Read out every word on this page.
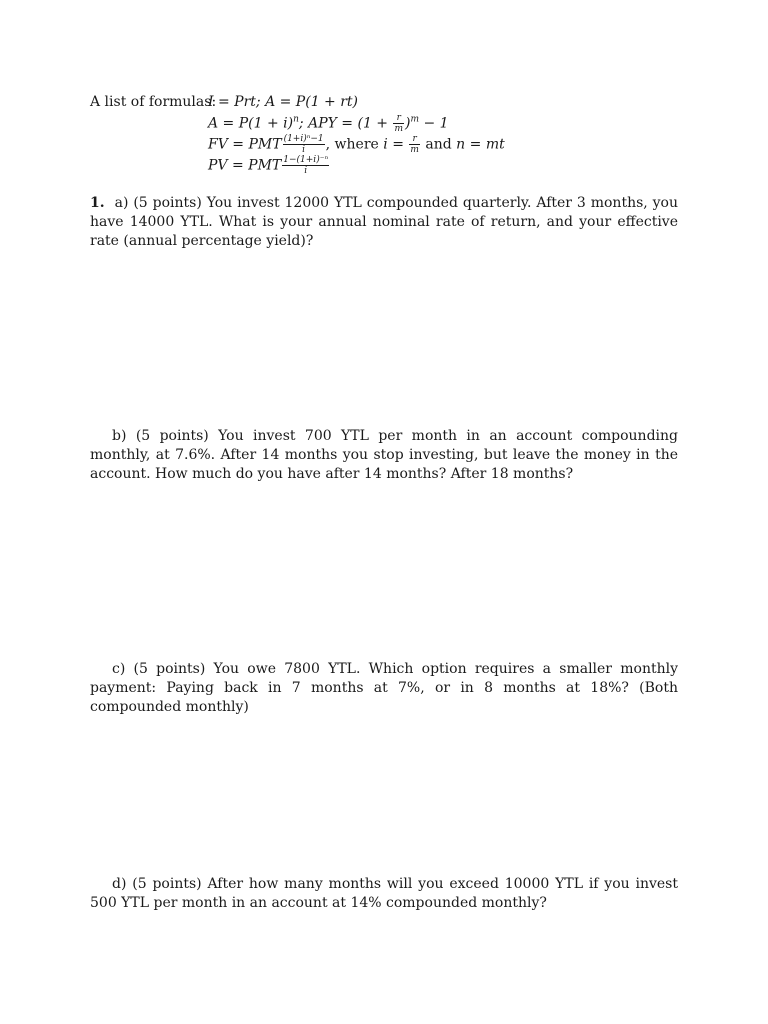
A list of formulas:
I = Prt; A = P(1 + rt)
$A = P(1 + i)^n$; APY = $(1 + \frac{r}{m} )^m - 1$
FV = PMT $\frac{\text{(1+i)ⁿ−1}}{i}$ , where $i = \frac{r}{m}$ and n = mt
PV = PMT $\frac{\text{1−(1+i)⁻ⁿ}}{i}$

1. a) (5 points) You invest 12000 YTL compounded quarterly. After 3 months, you have 14000 YTL. What is your annual nominal rate of return, and your effective rate (annual percentage yield)?

b) (5 points) You invest 700 YTL per month in an account compounding monthly, at 7.6%. After 14 months you stop investing, but leave the money in the account. How much do you have after 14 months? After 18 months?

c) (5 points) You owe 7800 YTL. Which option requires a smaller monthly payment: Paying back in 7 months at 7%, or in 8 months at 18%? (Both compounded monthly)

d) (5 points) After how many months will you exceed 10000 YTL if you invest 500 YTL per month in an account at 14% compounded monthly?
